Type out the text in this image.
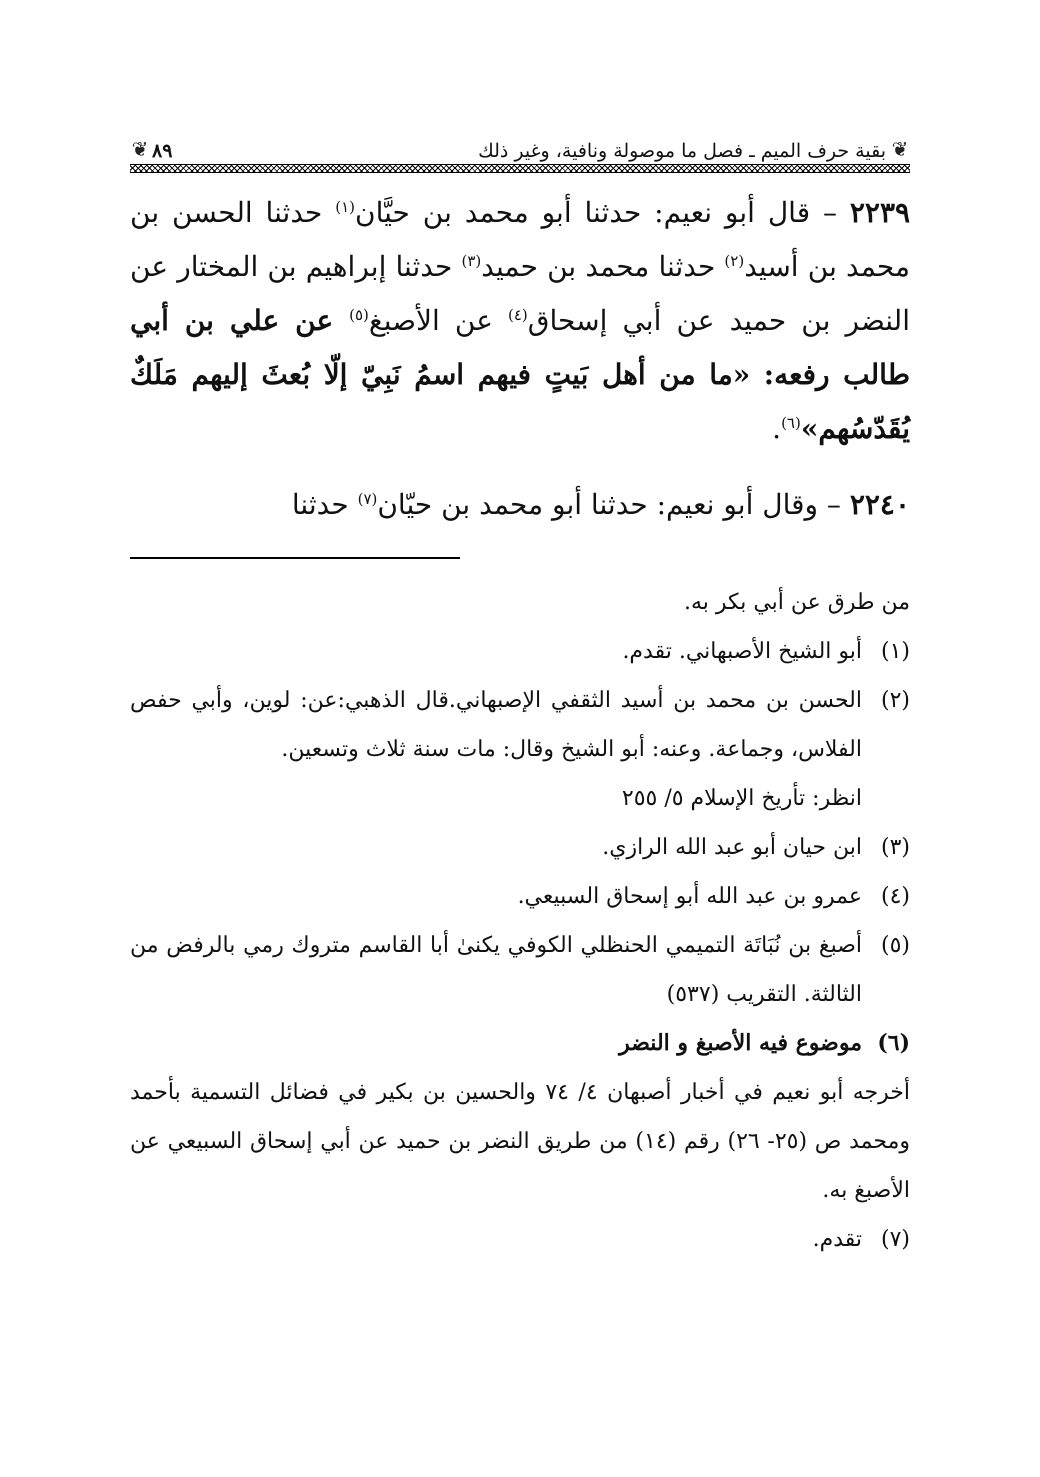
❦
بقية حرف الميم ـ فصل ما موصولة ونافية، وغير ذلك
٨٩
❦

٢٢٣٩ – قال أبو نعيم: حدثنا أبو محمد بن حيَّان$^{(١)}$ حدثنا الحسن بن محمد بن أسيد$^{(٢)}$ حدثنا محمد بن حميد$^{(٣)}$ حدثنا إبراهيم بن المختار عن النضر بن حميد عن أبي إسحاق$^{(٤)}$ عن الأصبغ$^{(٥)}$ عن علي بن أبي طالب رفعه: «ما من أهل بَيتٍ فيهم اسمُ نَبِيّ إلّا بُعثَ إليهم مَلَكٌ يُقَدّسُهم»$^{(٦)}$.

٢٢٤٠ – وقال أبو نعيم: حدثنا أبو محمد بن حيّان$^{(٧)}$ حدثنا

من طرق عن أبي بكر به.

(١)أبو الشيخ الأصبهاني. تقدم.

(٢)الحسن بن محمد بن أسيد الثقفي الإصبهاني.قال الذهبي:عن: لوين، وأبي حفص الفلاس، وجماعة. وعنه: أبو الشيخ وقال: مات سنة ثلاث وتسعين.
انظر: تأريخ الإسلام ٥/ ٢٥٥

(٣)ابن حيان أبو عبد الله الرازي.

(٤)عمرو بن عبد الله أبو إسحاق السبيعي.

(٥)أصبغ بن نُبَاتَة التميمي الحنظلي الكوفي يكنىٰ أبا القاسم متروك رمي بالرفض من الثالثة. التقريب (٥٣٧)

(٦)موضوع فيه الأصبغ و النضر

أخرجه أبو نعيم في أخبار أصبهان ٤/ ٧٤ والحسين بن بكير في فضائل التسمية بأحمد ومحمد ص (٢٥- ٢٦) رقم (١٤) من طريق النضر بن حميد عن أبي إسحاق السبيعي عن الأصبغ به.

(٧)تقدم.
